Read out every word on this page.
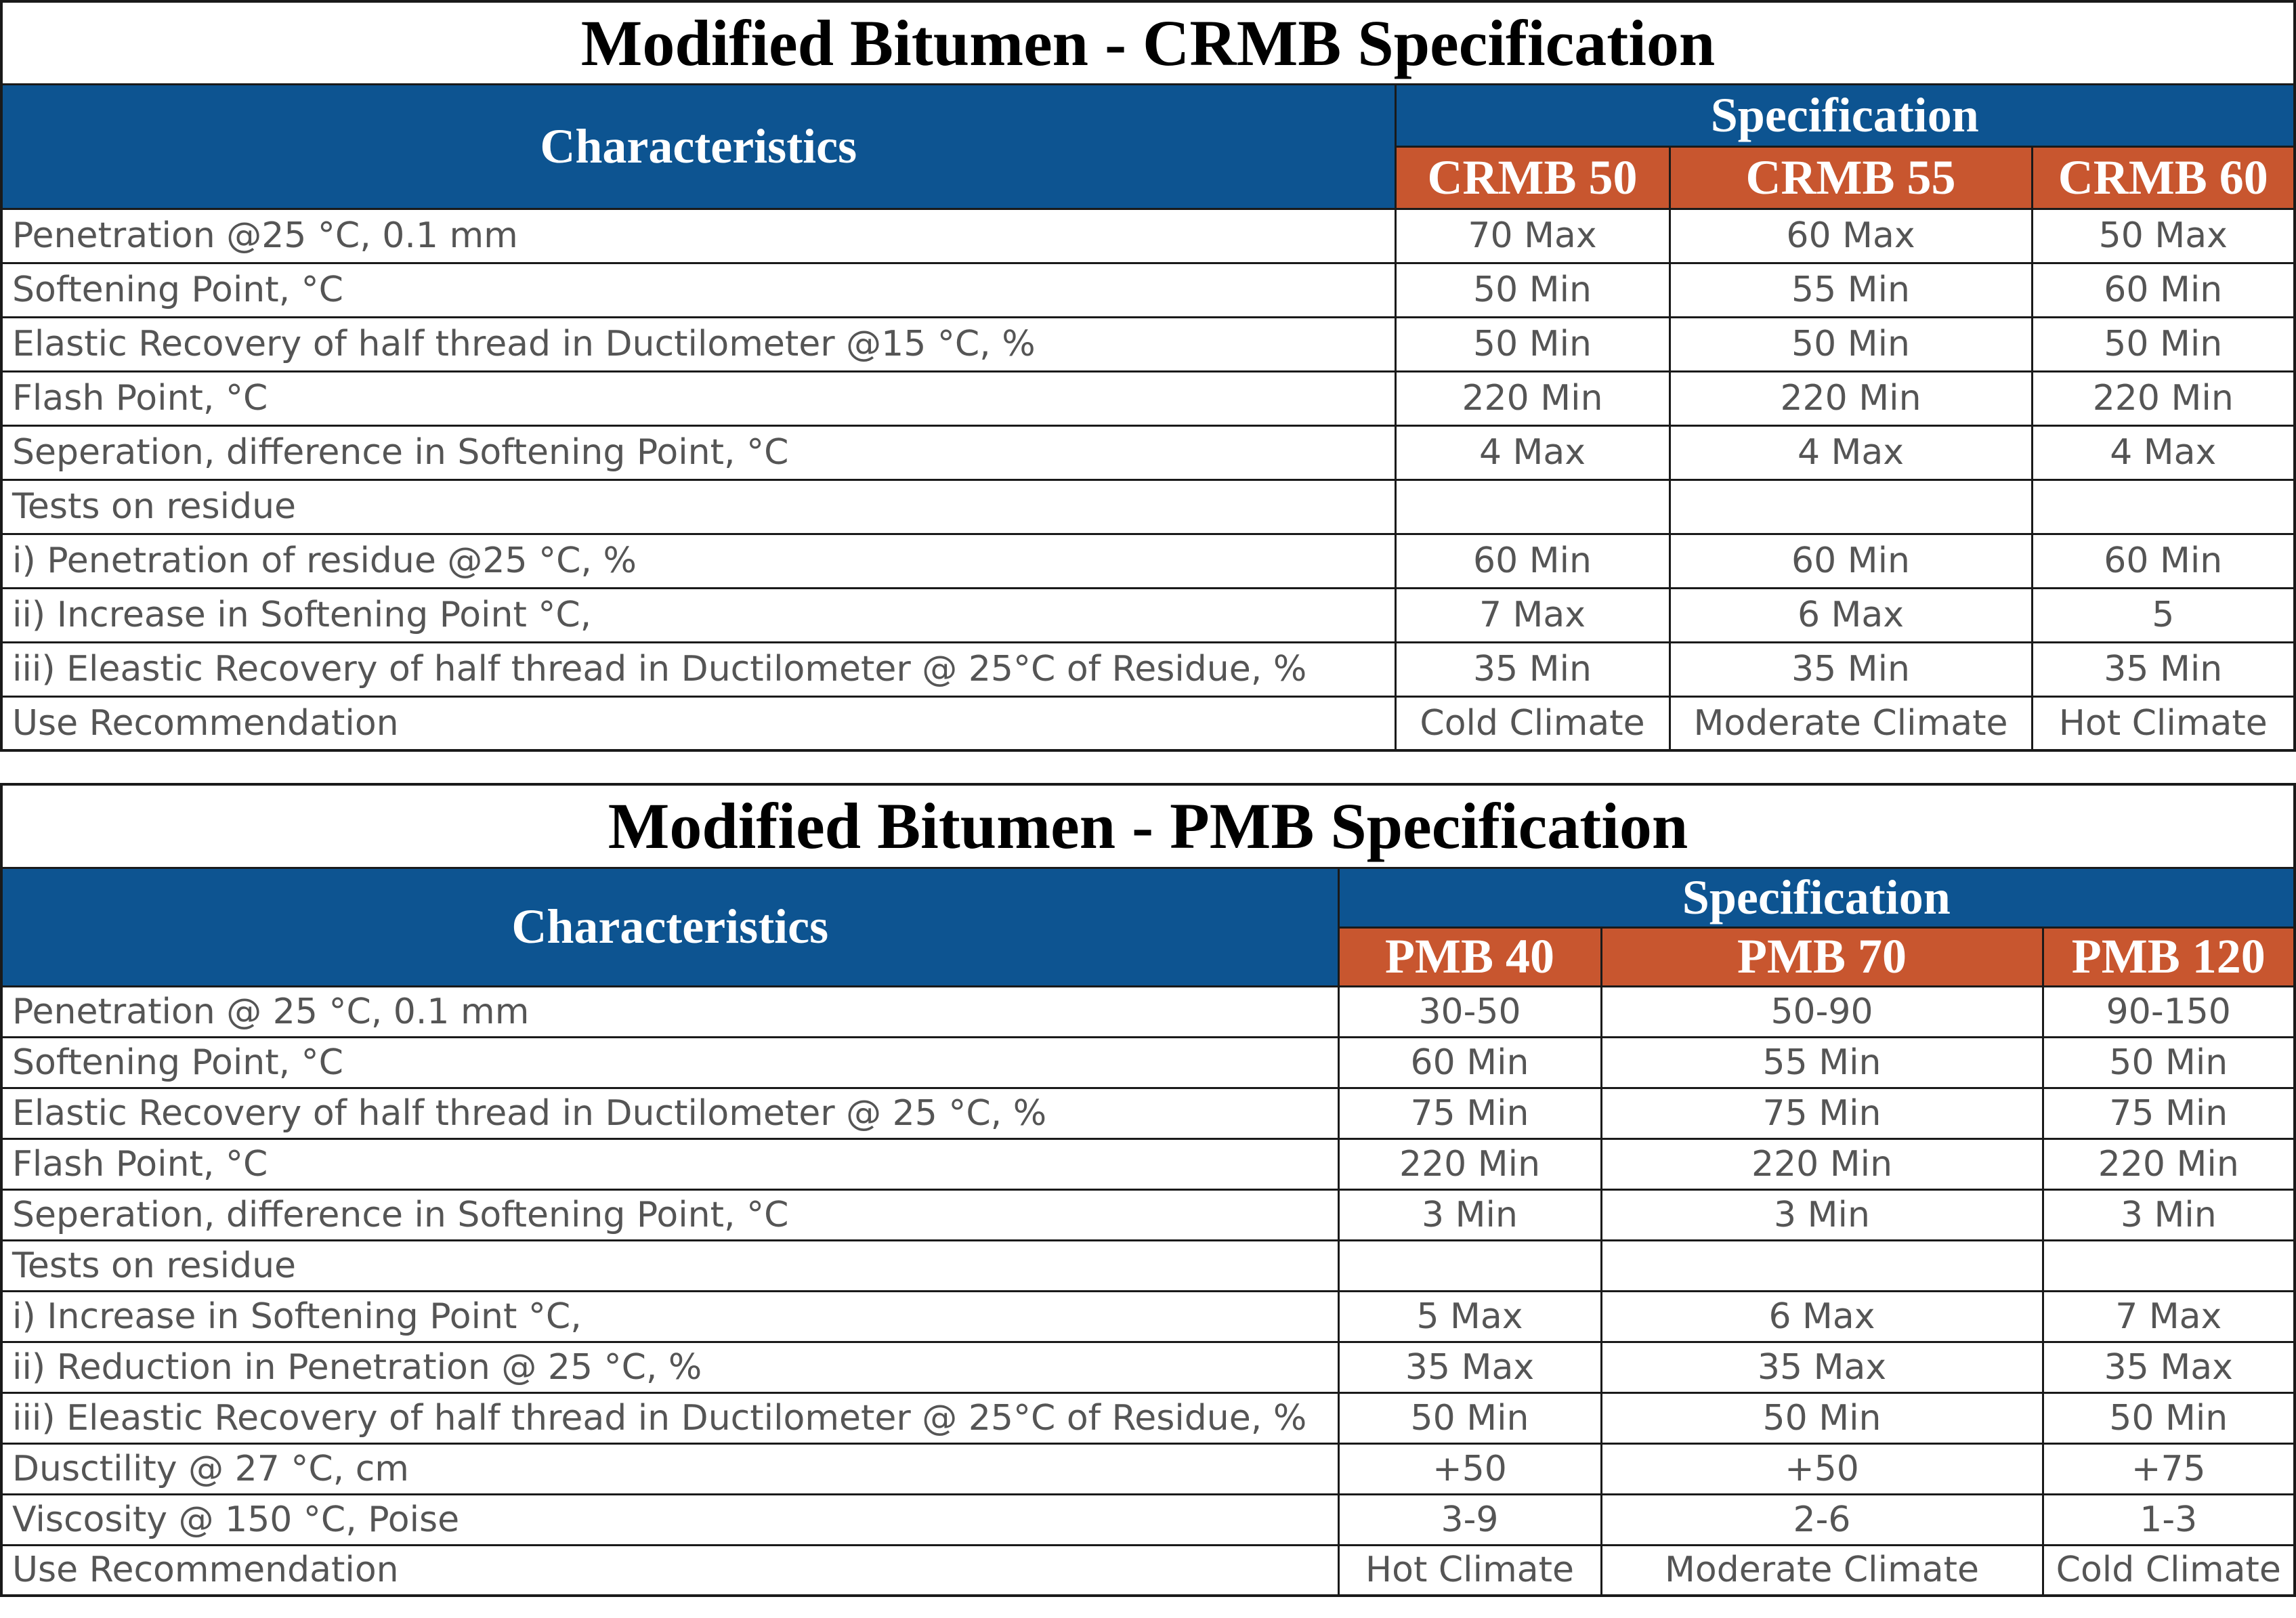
Modified Bitumen - CRMB Specification			
Characteristics	Specification		
	CRMB 50	CRMB 55	CRMB 60
Penetration @25 °C, 0.1 mm	70 Max	60 Max	50 Max
Softening Point, °C	50 Min	55 Min	60 Min
Elastic Recovery of half thread in Ductilometer @15 °C, %	50 Min	50 Min	50 Min
Flash Point, °C	220 Min	220 Min	220 Min
Seperation, difference in Softening Point, °C	4 Max	4 Max	4 Max
Tests on residue			
i) Penetration of residue @25 °C, %	60 Min	60 Min	60 Min
ii) Increase in Softening Point °C,	7 Max	6 Max	5
iii) Eleastic Recovery of half thread in Ductilometer @ 25°C of Residue, %	35 Min	35 Min	35 Min
Use Recommendation	Cold Climate	Moderate Climate	Hot Climate
Modified Bitumen - PMB Specification			
Characteristics	Specification		
	PMB 40	PMB 70	PMB 120
Penetration @ 25 °C, 0.1 mm	30-50	50-90	90-150
Softening Point, °C	60 Min	55 Min	50 Min
Elastic Recovery of half thread in Ductilometer @ 25 °C, %	75 Min	75 Min	75 Min
Flash Point, °C	220 Min	220 Min	220 Min
Seperation, difference in Softening Point, °C	3 Min	3 Min	3 Min
Tests on residue			
i) Increase in Softening Point °C,	5 Max	6 Max	7 Max
ii) Reduction in Penetration @ 25 °C, %	35 Max	35 Max	35 Max
iii) Eleastic Recovery of half thread in Ductilometer @ 25°C of Residue, %	50 Min	50 Min	50 Min
Dusctility @ 27 °C, cm	+50	+50	+75
Viscosity @ 150 °C, Poise	3-9	2-6	1-3
Use Recommendation	Hot Climate	Moderate Climate	Cold Climate
